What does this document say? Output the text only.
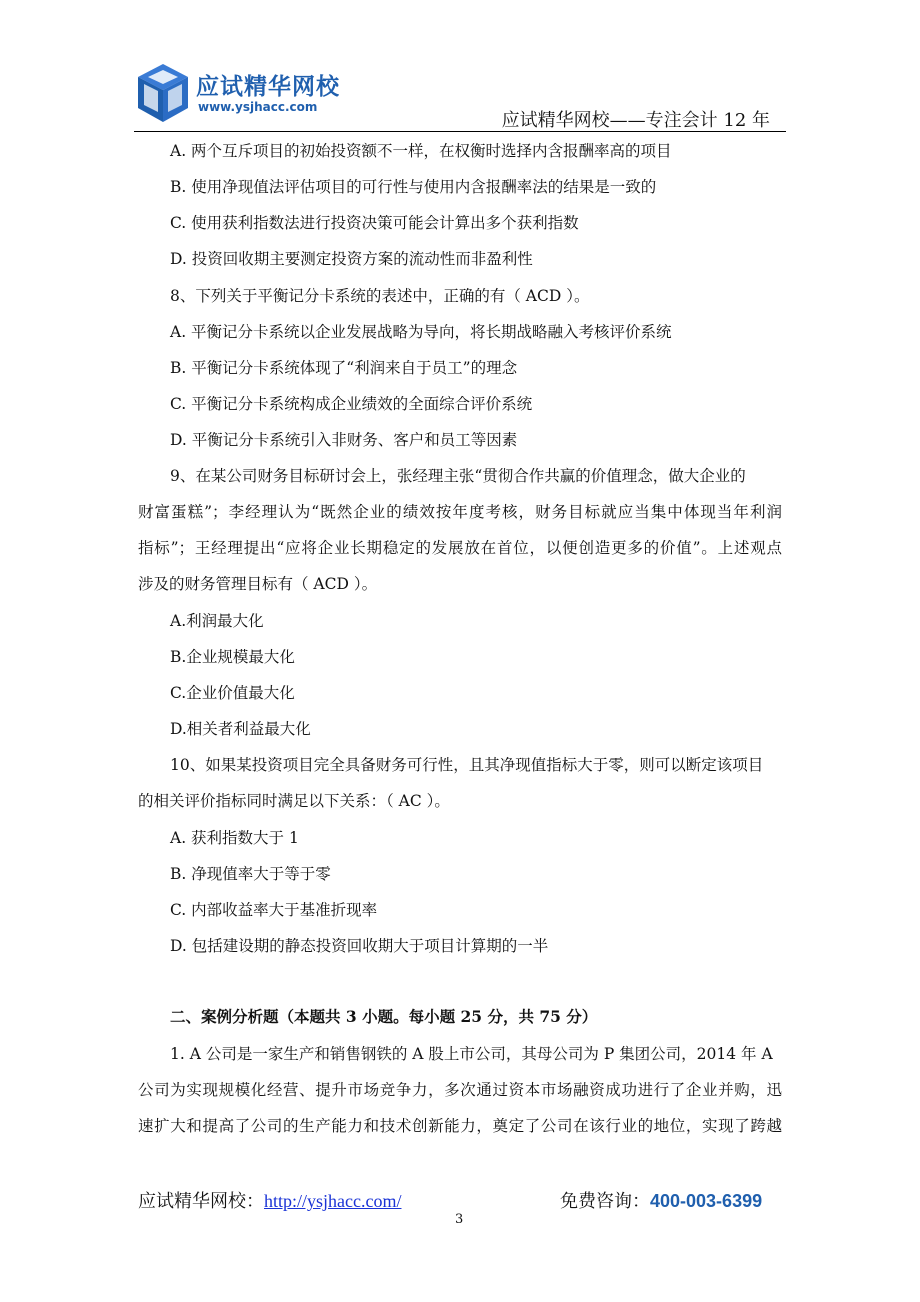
应试精华网校
www.ysjhacc.com
应试精华网校——专注会计 12 年
A. 两个互斥项目的初始投资额不一样，在权衡时选择内含报酬率高的项目
B. 使用净现值法评估项目的可行性与使用内含报酬率法的结果是一致的
C. 使用获利指数法进行投资决策可能会计算出多个获利指数
D. 投资回收期主要测定投资方案的流动性而非盈利性
8、下列关于平衡记分卡系统的表述中，正确的有（ ACD ）。
A. 平衡记分卡系统以企业发展战略为导向，将长期战略融入考核评价系统
B. 平衡记分卡系统体现了“利润来自于员工”的理念
C. 平衡记分卡系统构成企业绩效的全面综合评价系统
D. 平衡记分卡系统引入非财务、客户和员工等因素
9、在某公司财务目标研讨会上，张经理主张“贯彻合作共赢的价值理念，做大企业的
财富蛋糕”；李经理认为“既然企业的绩效按年度考核，财务目标就应当集中体现当年利润
指标”；王经理提出“应将企业长期稳定的发展放在首位，以便创造更多的价值”。上述观点
涉及的财务管理目标有（ ACD ）。
A.利润最大化
B.企业规模最大化
C.企业价值最大化
D.相关者利益最大化
10、如果某投资项目完全具备财务可行性，且其净现值指标大于零，则可以断定该项目
的相关评价指标同时满足以下关系：（ AC ）。
A. 获利指数大于 1
B. 净现值率大于等于零
C. 内部收益率大于基准折现率
D. 包括建设期的静态投资回收期大于项目计算期的一半
二、案例分析题（本题共 3 小题。每小题 25 分，共 75 分）
1. A 公司是一家生产和销售钢铁的 A 股上市公司，其母公司为 P 集团公司，2014 年 A
公司为实现规模化经营、提升市场竞争力，多次通过资本市场融资成功进行了企业并购，迅
速扩大和提高了公司的生产能力和技术创新能力，奠定了公司在该行业的地位，实现了跨越
应试精华网校：http://ysjhacc.com/	免费咨询：400-003-6399
3
